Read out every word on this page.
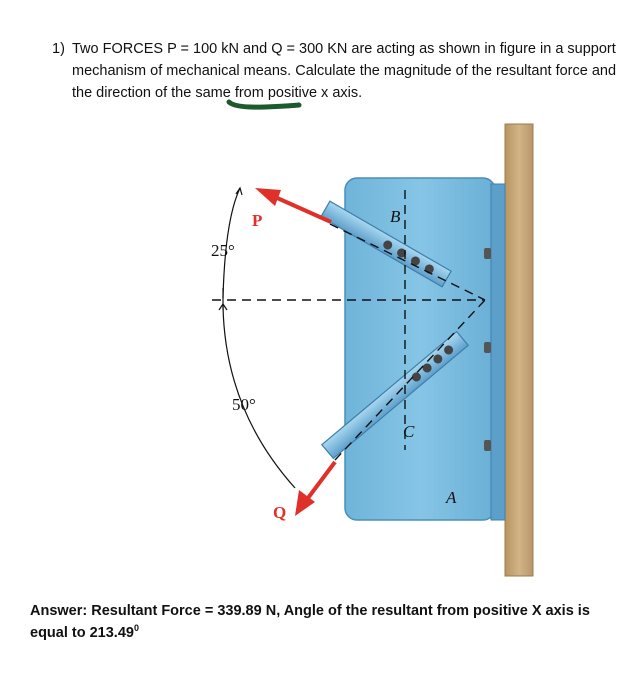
1) Two FORCES P = 100 kN and Q = 300 KN are acting as shown in figure in a support mechanism of mechanical means. Calculate the magnitude of the resultant force and the direction of the same from positive x axis.
P
Q
B
C
A
25°
50°
Answer: Resultant Force = 339.89 N, Angle of the resultant from positive X axis is equal to 213.49$^0$
